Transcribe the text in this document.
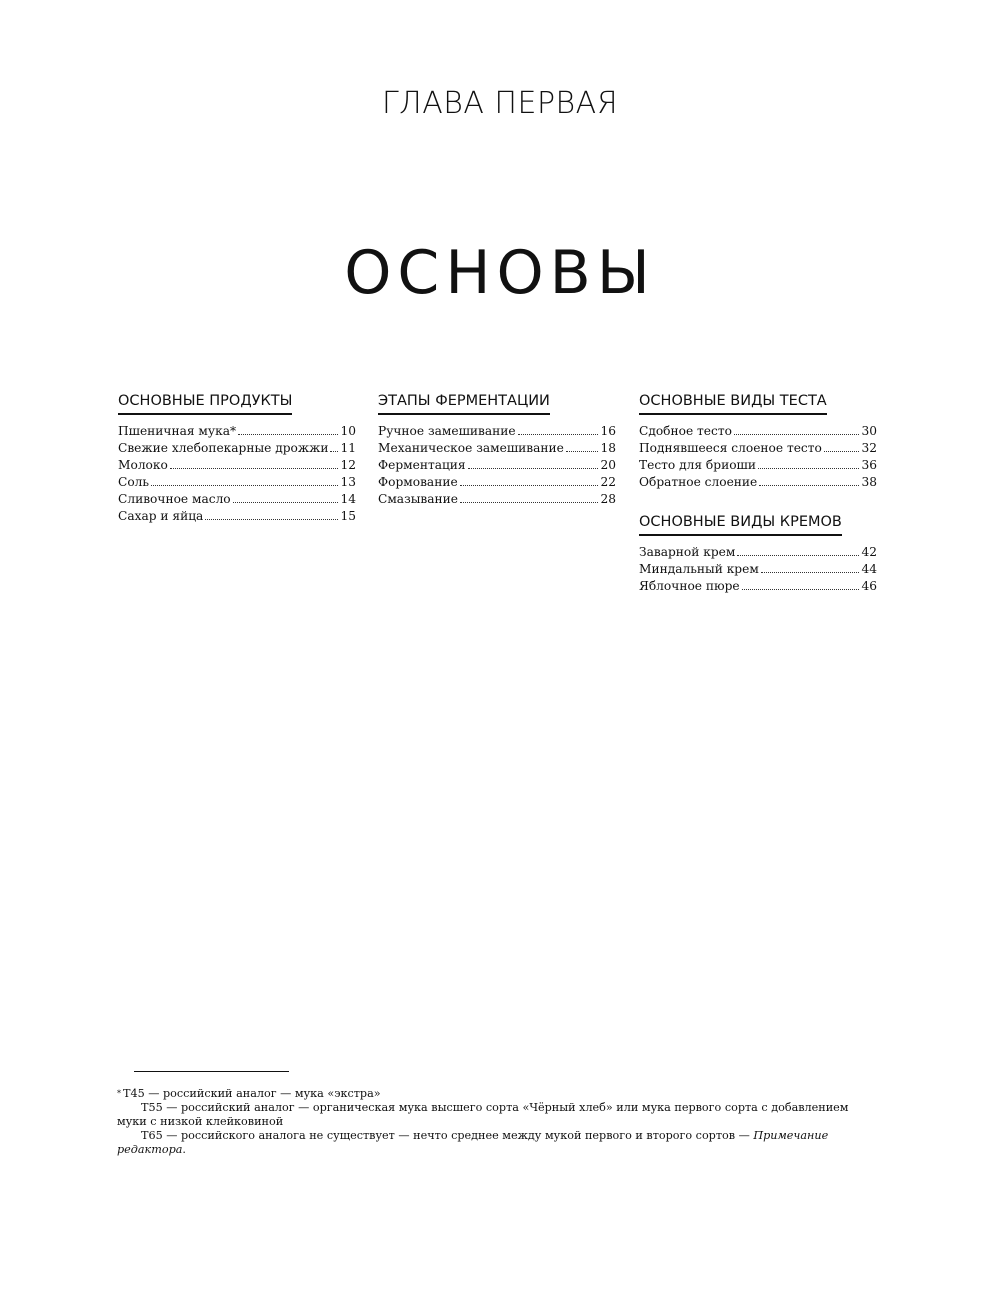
ГЛАВА ПЕРВАЯ
ОСНОВЫ
ОСНОВНЫЕ ПРОДУКТЫ
Пшеничная мука*	10
Свежие хлебопекарные дрожжи 11
Молоко	12
Соль	13
Сливочное масло	14
Сахар и яйца	15
ЭТАПЫ ФЕРМЕНТАЦИИ
Ручное замешивание	16
Механическое замешивание	18
Ферментация	20
Формование	22
Смазывание	28
ОСНОВНЫЕ ВИДЫ ТЕСТА
Сдобное тесто	30
Поднявшееся слоеное тесто	32
Тесто для бриоши	36
Обратное слоение	38
ОСНОВНЫЕ ВИДЫ КРЕМОВ
Заварной крем	42
Миндальный крем	44
Яблочное пюре	46

* Т45 — российский аналог — мука «экстра»

Т55 — российский аналог — органическая мука высшего сорта «Чёрный хлеб» или мука первого сорта с добавлением муки с низкой клейковиной

Т65 — российского аналога не существует — нечто среднее между мукой первого и второго сортов — Примечание редактора.
